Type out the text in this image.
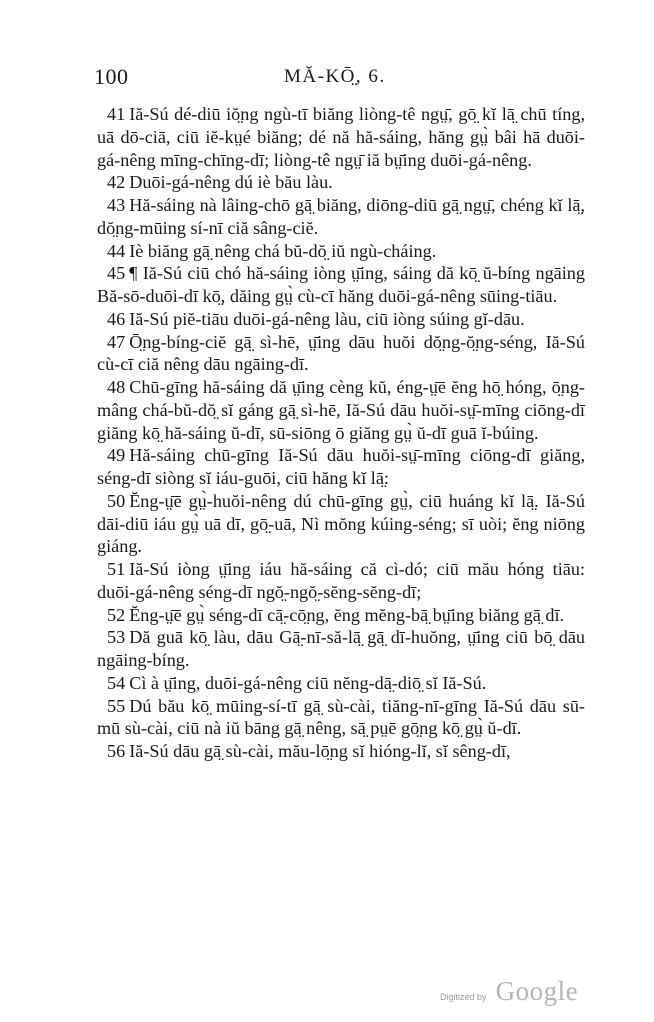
100	MĂ-KŌ̤, 6.

41 Iă-Sú dé-diū iŏ̤ng ngù-tī biăng liòng-tê ngṳ̄, gō̤ kĭ lā̤ chū tíng, uā dō-ciā, ciū iĕ-kṳé biăng; dé nă hă-sáing, hăng gṳ̀ bâi hā duōi-gá-nêng mīng-chīng-dī; liòng-tê ngṳ̄ iă bṳ̄ing duōi-gá-nêng.

42 Duōi-gá-nêng dú iè bău làu.

43 Hă-sáing nà lâing-chō gā̤ biăng, diōng-diū gā̤ ngṳ̄, chéng kĭ lā̤, dŏ̤ng-mūing sí-nī ciă sâng-ciĕ.

44 Iè biăng gā̤ nêng chá bŭ-dŏ̤ iŭ ngù-cháing.

45 ¶ Iă-Sú ciū chó hă-sáing iòng ṳ̄ing, sáing dă kō̤ ŭ-bíng ngāing Bă-sō-duōi-dī kō̤, dăing gṳ̀ cù-cī hăng duōi-gá-nêng sūing-tiāu.

46 Iă-Sú piĕ-tiāu duōi-gá-nêng làu, ciū iòng súing gĭ-dāu.

47 Ō̤ng-bíng-ciĕ gā̤ sì-hē, ṳ̄ing dāu huŏi dŏ̤ng-ŏ̤ng-séng, Iă-Sú cù-cī ciă nêng dāu ngāing-dī.

48 Chū-gīng hă-sáing dă ṳ̄ing cèng kŭ, éng-ṳ̄ē ĕng hō̤ hóng, ō̤ng-mâng chá-bŭ-dŏ̤ sĭ gáng gā̤ sì-hē, Iă-Sú dāu huŏi-sṳ̄-mīng ciōng-dī giăng kō̤ hă-sáing ŭ-dī, sū-siōng ō giăng gṳ̀ ŭ-dī guā ĭ-búing.

49 Hă-sáing chū-gīng Iă-Sú dāu huŏi-sṳ̄-mīng ciōng-dī giăng, séng-dī siòng sĭ iáu-guōi, ciū hăng kĭ lā̤:

50 Ĕng-ṳ̄ē gṳ̀-huŏi-nêng dú chū-gīng gṳ̀, ciū huáng kĭ lā̤. Iă-Sú dāi-diū iáu gṳ̀ uā dī, gō̤-uā, Nì mŏng kúing-séng; sī uòi; ĕng niōng giáng.

51 Iă-Sú iòng ṳ̄ing iáu hă-sáing că cì-dó; ciū mău hóng tiāu: duōi-gá-nêng séng-dī ngŏ̤-ngŏ̤-sĕng-sĕng-dī;

52 Ĕng-ṳ̄ē gṳ̀ séng-dī cā̤-cō̤ng, ĕng mĕng-bā̤ bṳ̄ing biăng gā̤ dī.

53 Dă guā kō̤ làu, dāu Gā̤-nī-să-lā̤ gā̤ dī-huŏng, ṳ̄ing ciū bō̤ dāu ngāing-bíng.

54 Cì à ṳ̄ing, duōi-gá-nêng ciū nĕng-dā̤-diō̤ sĭ Iă-Sú.

55 Dú bău kō̤ mūing-sí-tī gā̤ sù-cài, tiăng-nī-gīng Iă-Sú dāu sū-mū sù-cài, ciū nà iŭ bāng gā̤ nêng, sā̤ pṳē gō̤ng kō̤ gṳ̀ ŭ-dī.

56 Iă-Sú dāu gā̤ sù-cài, mău-lō̤ng sĭ hióng-lĭ, sĭ sêng-dī,

Digitized by Google
